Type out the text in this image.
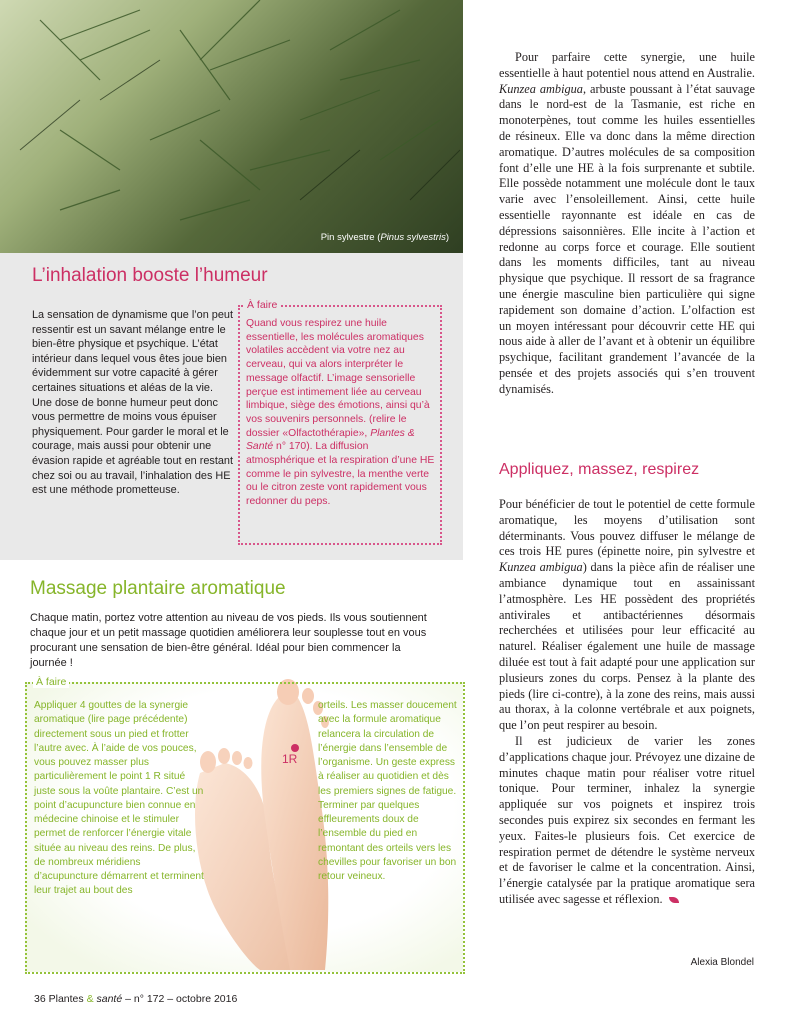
Pin sylvestre (Pinus sylvestris)
L’inhalation booste l’humeur
La sensation de dynamisme que l’on peut ressentir est un savant mélange entre le bien-être physique et psychique. L’état intérieur dans lequel vous êtes joue bien évidemment sur votre capacité à gérer certaines situations et aléas de la vie. Une dose de bonne humeur peut donc vous permettre de moins vous épuiser physiquement. Pour garder le moral et le courage, mais aussi pour obtenir une évasion rapide et agréable tout en restant chez soi ou au travail, l’inhalation des HE est une méthode prometteuse.
À faire
Quand vous respirez une huile essentielle, les molécules aromatiques volatiles accèdent via votre nez au cerveau, qui va alors interpréter le message olfactif. L’image sensorielle perçue est intimement liée au cerveau limbique, siège des émotions, ainsi qu’à vos souvenirs personnels. (relire le dossier «Olfactothérapie», Plantes & Santé n° 170). La diffusion atmosphérique et la respiration d’une HE comme le pin sylvestre, la menthe verte ou le citron zeste vont rapidement vous redonner du peps.
Massage plantaire aromatique
Chaque matin, portez votre attention au niveau de vos pieds. Ils vous soutiennent chaque jour et un petit massage quotidien améliorera leur souplesse tout en vous procurant une sensation de bien-être général. Idéal pour bien commencer la journée !
1R
À faire
Appliquer 4 gouttes de la synergie aromatique (lire page précédente) directement sous un pied et frotter l’autre avec. À l’aide de vos pouces, vous pouvez masser plus particulièrement le point 1 R situé juste sous la voûte plantaire. C’est un point d’acupuncture bien connue en médecine chinoise et le stimuler permet de renforcer l’énergie vitale située au niveau des reins. De plus, de nombreux méridiens d’acupuncture démarrent et terminent leur trajet au bout des
orteils. Les masser doucement avec la formule aromatique relancera la circulation de l’énergie dans l’ensemble de l’organisme. Un geste express à réaliser au quotidien et dès les premiers signes de fatigue. Terminer par quelques effleurements doux de l’ensemble du pied en remontant des orteils vers les chevilles pour favoriser un bon retour veineux.

Pour parfaire cette synergie, une huile essentielle à haut potentiel nous attend en Australie. Kunzea ambigua, arbuste poussant à l’état sauvage dans le nord-est de la Tasmanie, est riche en monoterpènes, tout comme les huiles essentielles de résineux. Elle va donc dans la même direction aromatique. D’autres molécules de sa composition font d’elle une HE à la fois surprenante et subtile. Elle possède notamment une molécule dont le taux varie avec l’ensoleillement. Ainsi, cette huile essentielle rayonnante est idéale en cas de dépressions saisonnières. Elle incite à l’action et redonne au corps force et courage. Elle soutient dans les moments difficiles, tant au niveau physique que psychique. Il ressort de sa fragrance une énergie masculine bien particulière qui signe rapidement son domaine d’action. L’olfaction est un moyen intéressant pour découvrir cette HE qui nous aide à aller de l’avant et à obtenir un équilibre psychique, facilitant grandement l’avancée de la pensée et des projets associés qui s’en trouvent dynamisés.

Appliquez, massez, respirez

Pour bénéficier de tout le potentiel de cette formule aromatique, les moyens d’utilisation sont déterminants. Vous pouvez diffuser le mélange de ces trois HE pures (épinette noire, pin sylvestre et Kunzea ambigua) dans la pièce afin de réaliser une ambiance dynamique tout en assainissant l’atmosphère. Les HE possèdent des propriétés antivirales et antibactériennes désormais recherchées et utilisées pour leur efficacité au naturel. Réaliser également une huile de massage diluée est tout à fait adapté pour une application sur plusieurs zones du corps. Pensez à la plante des pieds (lire ci-contre), à la zone des reins, mais aussi au thorax, à la colonne vertébrale et aux poignets, que l’on peut respirer au besoin.

Il est judicieux de varier les zones d’applications chaque jour. Prévoyez une dizaine de minutes chaque matin pour réaliser votre rituel tonique. Pour terminer, inhalez la synergie appliquée sur vos poignets et inspirez trois secondes puis expirez six secondes en fermant les yeux. Faites-le plusieurs fois. Cet exercice de respiration permet de détendre le système nerveux et de favoriser le calme et la concentration. Ainsi, l’énergie catalysée par la pratique aromatique sera utilisée avec sagesse et réflexion.

Alexia Blondel
36 Plantes & santé – n° 172 – octobre 2016
